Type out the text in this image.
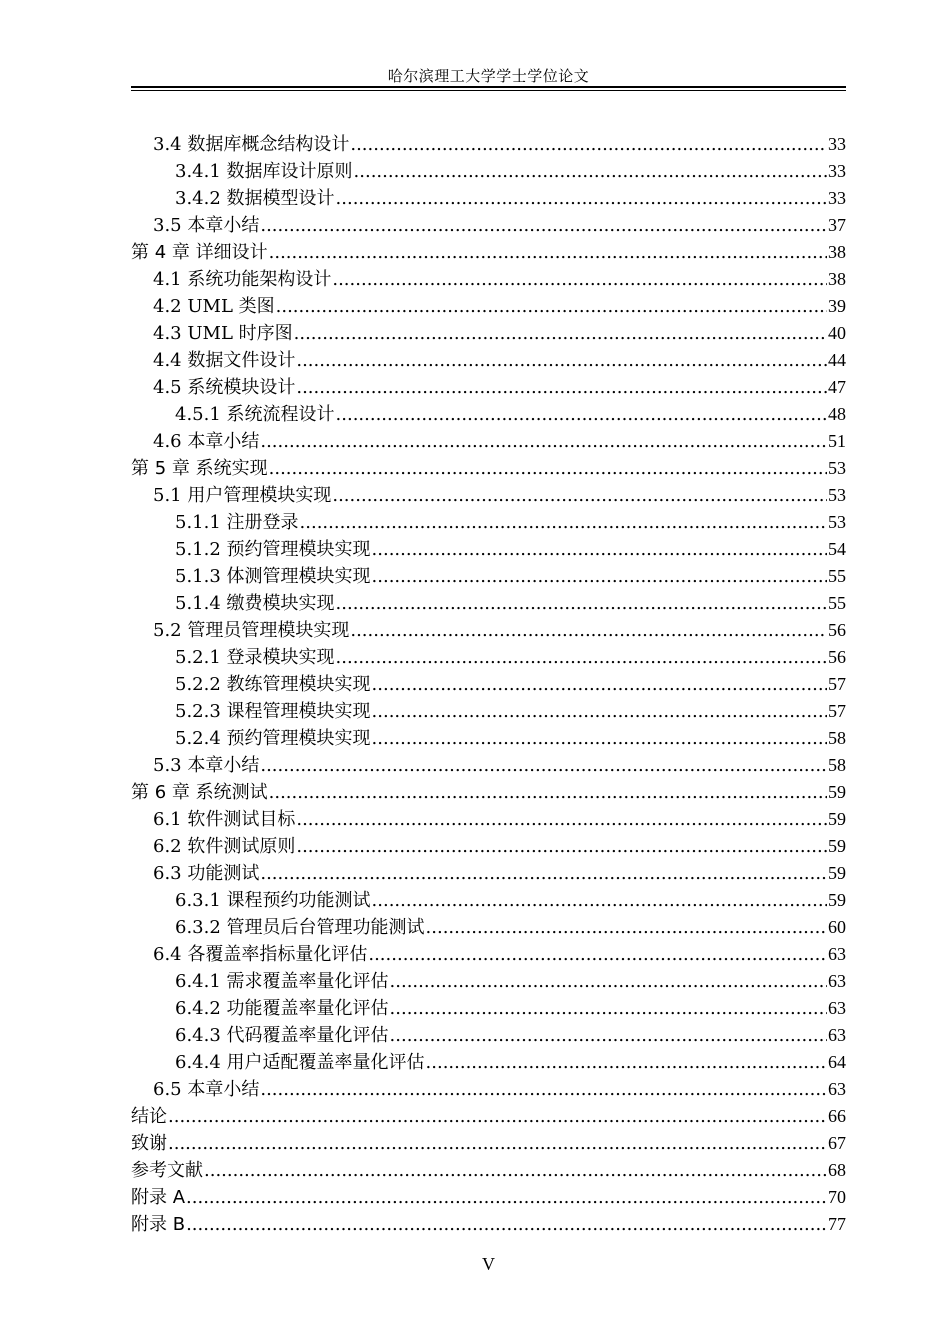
哈尔滨理工大学学士学位论文
3.4 数据库概念结构设计 .....	33
3.4.1 数据库设计原则 .....	33
3.4.2 数据模型设计 .....	33
3.5 本章小结 .....	37
第 4 章 详细设计 .....	38
4.1 系统功能架构设计 .....	38
4.2 UML 类图 .....	39
4.3 UML 时序图 .....	40
4.4 数据文件设计 .....	44
4.5 系统模块设计 .....	47
4.5.1 系统流程设计 .....	48
4.6 本章小结 .....	51
第 5 章 系统实现 .....	53
5.1 用户管理模块实现 .....	53
5.1.1 注册登录 .....	53
5.1.2 预约管理模块实现 .....	54
5.1.3 体测管理模块实现 .....	55
5.1.4 缴费模块实现 .....	55
5.2 管理员管理模块实现 .....	56
5.2.1 登录模块实现 .....	56
5.2.2 教练管理模块实现 .....	57
5.2.3 课程管理模块实现 .....	57
5.2.4 预约管理模块实现 .....	58
5.3 本章小结 .....	58
第 6 章 系统测试 .....	59
6.1 软件测试目标 .....	59
6.2 软件测试原则 .....	59
6.3 功能测试 .....	59
6.3.1 课程预约功能测试 .....	59
6.3.2 管理员后台管理功能测试 .....	60
6.4 各覆盖率指标量化评估 .....	63
6.4.1 需求覆盖率量化评估 .....	63
6.4.2 功能覆盖率量化评估 .....	63
6.4.3 代码覆盖率量化评估 .....	63
6.4.4 用户适配覆盖率量化评估 .....	64
6.5 本章小结 .....	63
结论 .....	66
致谢 .....	67
参考文献 .....	68
附录 A .....	70
附录 B .....	77
V
